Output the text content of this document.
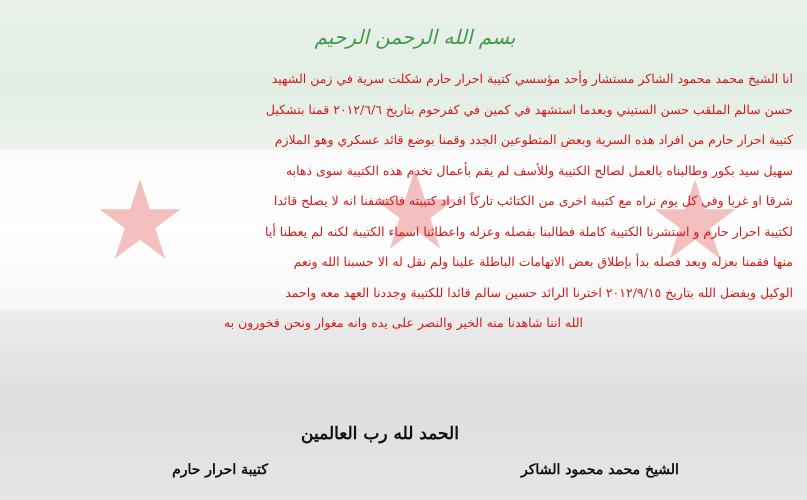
بسم الله الرحمن الرحيم
انا الشيخ محمد محمود الشاكر مستشار وأحد مؤسسي كتيبة احرار حارم شكلت سرية في زمن الشهيد
حسن سالم الملقب حسن الستيني وبعدما استشهد في كمين في كفرحوم بتاريخ ٢٠١٢/٦/٦ قمنا بتشكيل
كتيبة احرار حارم من افراد هذه السرية وبعض المتطوعين الجدد وقمنا بوضع قائد عسكري وهو الملازم
سهيل سيد بكور وطالبناه بالعمل لصالح الكتيبة وللأسف لم يقم بأعمال تخدم هذه الكتيبة سوى ذهابه
شرقا او غربا وفي كل يوم نراه مع كتيبة اخرى من الكتائب تاركاً افراد كتيبته فاكتشفنا انه لا يصلح قائدا
لكتيبة احرار حارم و استشرنا الكتيبة كاملة فطالبنا بفصله وعزله واعطائنا اسماء الكتيبة لكنه لم يعطنا أيا
منها فقمنا بعزله وبعد فصله بدأ بإطلاق بعض الاتهامات الباطلة علينا ولم نقل له الا حسبنا الله ونعم
الوكيل وبفضل الله بتاريخ ٢٠١٢/٩/١٥ اخترنا الرائد حسين سالم قائدا للكتيبة وجددنا العهد معه واحمد
الله اننا شاهدنا منه الخير والنصر على يده وانه مغوار ونحن فخورون به
الحمد لله رب العالمين
الشيخ محمد محمود الشاكر
كتيبة احرار حارم
